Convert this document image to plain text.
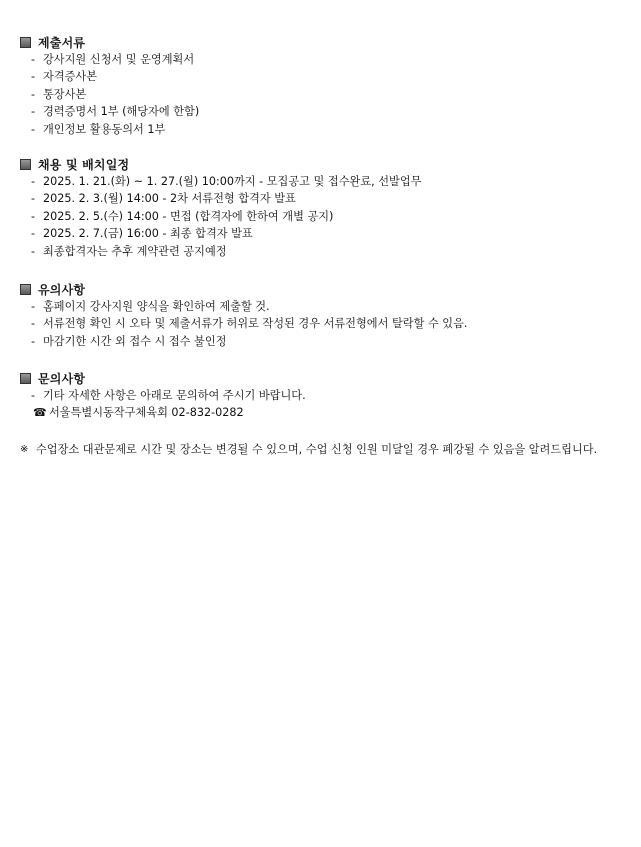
제출서류
- 강사지원 신청서 및 운영계획서
- 자격증사본
- 통장사본
- 경력증명서 1부 (해당자에 한함)
- 개인정보 활용동의서 1부
채용 및 배치일정
- 2025. 1. 21.(화) ~ 1. 27.(월) 10:00까지 - 모집공고 및 접수완료, 선발업무
- 2025. 2. 3.(월) 14:00 - 2차 서류전형 합격자 발표
- 2025. 2. 5.(수) 14:00 - 면접 (합격자에 한하여 개별 공지)
- 2025. 2. 7.(금) 16:00 - 최종 합격자 발표
- 최종합격자는 추후 계약관련 공지예정
유의사항
- 홈페이지 강사지원 양식을 확인하여 제출할 것.
- 서류전형 확인 시 오타 및 제출서류가 허위로 작성된 경우 서류전형에서 탈락할 수 있음.
- 마감기한 시간 외 접수 시 접수 불인정
문의사항
- 기타 자세한 사항은 아래로 문의하여 주시기 바랍니다.
☎ 서울특별시동작구체육회 02-832-0282
※ 수업장소 대관문제로 시간 및 장소는 변경될 수 있으며, 수업 신청 인원 미달일 경우 폐강될 수 있음을 알려드립니다.
